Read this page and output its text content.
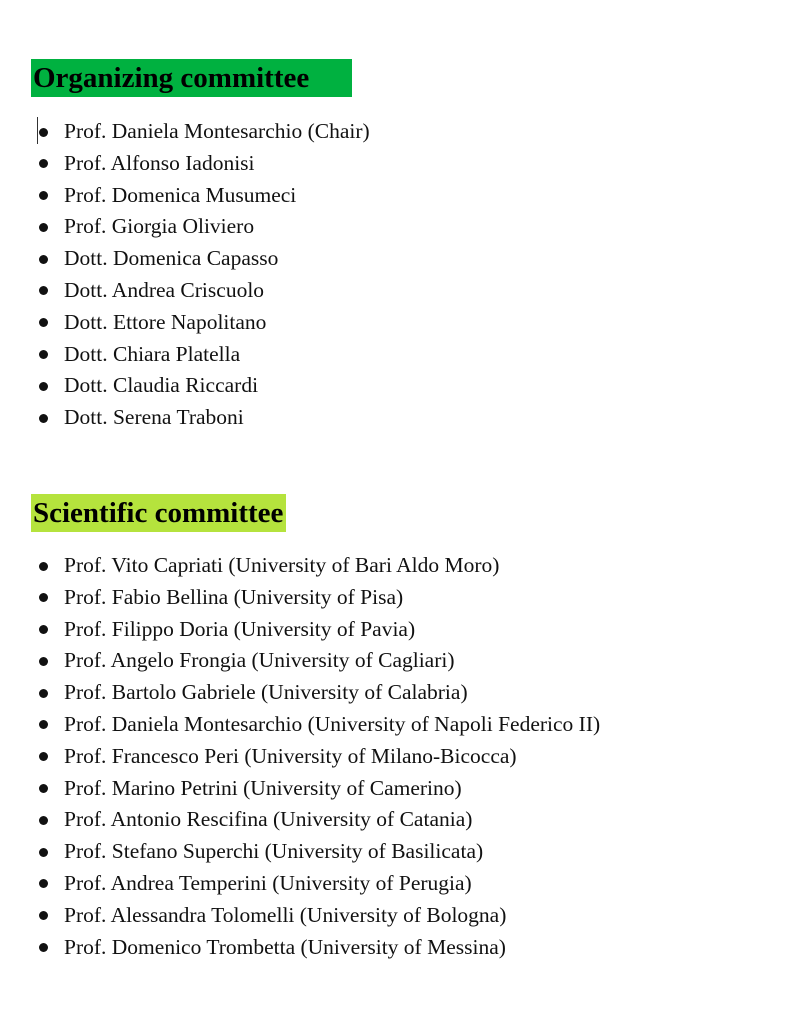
Organizing committee
Prof. Daniela Montesarchio (Chair)
Prof. Alfonso Iadonisi
Prof. Domenica Musumeci
Prof. Giorgia Oliviero
Dott. Domenica Capasso
Dott. Andrea Criscuolo
Dott. Ettore Napolitano
Dott. Chiara Platella
Dott. Claudia Riccardi
Dott. Serena Traboni
Scientific committee
Prof. Vito Capriati (University of Bari Aldo Moro)
Prof. Fabio Bellina (University of Pisa)
Prof. Filippo Doria (University of Pavia)
Prof. Angelo Frongia (University of Cagliari)
Prof. Bartolo Gabriele (University of Calabria)
Prof. Daniela Montesarchio (University of Napoli Federico II)
Prof. Francesco Peri (University of Milano-Bicocca)
Prof. Marino Petrini (University of Camerino)
Prof. Antonio Rescifina (University of Catania)
Prof. Stefano Superchi (University of Basilicata)
Prof. Andrea Temperini (University of Perugia)
Prof. Alessandra Tolomelli (University of Bologna)
Prof. Domenico Trombetta (University of Messina)
